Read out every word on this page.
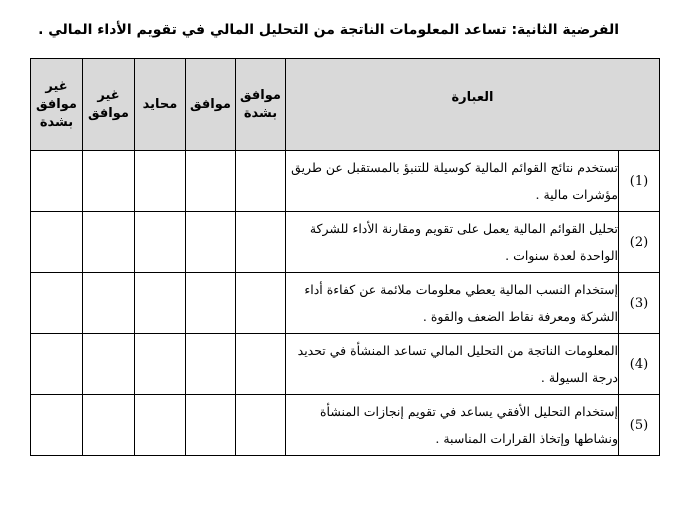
الفرضية الثانية: تساعد المعلومات الناتجة من التحليل المالي في تقويم الأداء المالي .
العبارة		موافق بشدة	موافق	محايد	غير موافق	غير موافق بشدة
(1)	تستخدم نتائج القوائم المالية كوسيلة للتنبؤ بالمستقبل عن طريق مؤشرات مالية .					
(2)	تحليل القوائم المالية يعمل على تقويم ومقارنة الأداء للشركة الواحدة لعدة سنوات .					
(3)	إستخدام النسب المالية يعطي معلومات ملائمة عن كفاءة أداء الشركة ومعرفة نقاط الضعف والقوة .					
(4)	المعلومات الناتجة من التحليل المالي تساعد المنشأة في تحديد درجة السيولة .					
(5)	إستخدام التحليل الأفقي يساعد في تقويم إنجازات المنشأة ونشاطها وإتخاذ القرارات المناسبة .					
